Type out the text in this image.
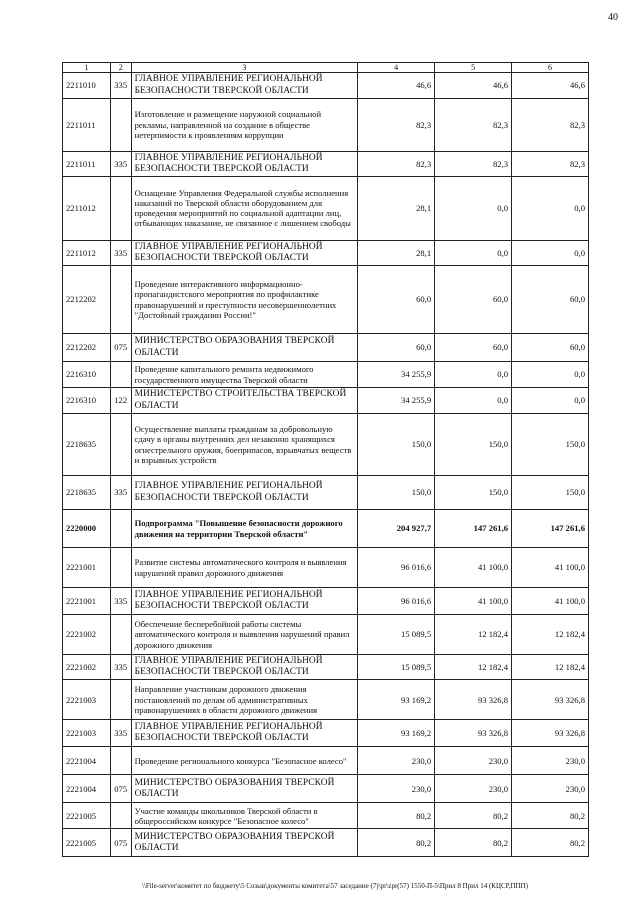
40
1	2	3	4	5	6
2211010	335	ГЛАВНОЕ УПРАВЛЕНИЕ РЕГИОНАЛЬНОЙ БЕЗОПАСНОСТИ ТВЕРСКОЙ ОБЛАСТИ	46,6	46,6	46,6
2211011		Изготовление и размещение наружной социальной рекламы, направленной на создание в обществе нетерпимости к проявлениям коррупции	82,3	82,3	82,3
2211011	335	ГЛАВНОЕ УПРАВЛЕНИЕ РЕГИОНАЛЬНОЙ БЕЗОПАСНОСТИ ТВЕРСКОЙ ОБЛАСТИ	82,3	82,3	82,3
2211012		Оснащение Управления Федеральной службы исполнения наказаний по Тверской области оборудованием для проведения мероприятий по социальной адаптации лиц, отбывающих наказание, не связанное с лишением свободы	28,1	0,0	0,0
2211012	335	ГЛАВНОЕ УПРАВЛЕНИЕ РЕГИОНАЛЬНОЙ БЕЗОПАСНОСТИ ТВЕРСКОЙ ОБЛАСТИ	28,1	0,0	0,0
2212202		Проведение интерактивного информационно-пропагандистского мероприятия по профилактике правонарушений и преступности несовершеннолетних "Достойный гражданин России!"	60,0	60,0	60,0
2212202	075	МИНИСТЕРСТВО ОБРАЗОВАНИЯ ТВЕРСКОЙ ОБЛАСТИ	60,0	60,0	60,0
2216310		Проведение капитального ремонта недвижимого государственного имущества Тверской области	34 255,9	0,0	0,0
2216310	122	МИНИСТЕРСТВО СТРОИТЕЛЬСТВА ТВЕРСКОЙ ОБЛАСТИ	34 255,9	0,0	0,0
2218635		Осуществление выплаты гражданам за добровольную сдачу в органы внутренних дел незаконно хранящихся огнестрельного оружия, боеприпасов, взрывчатых веществ и взрывных устройств	150,0	150,0	150,0
2218635	335	ГЛАВНОЕ УПРАВЛЕНИЕ РЕГИОНАЛЬНОЙ БЕЗОПАСНОСТИ ТВЕРСКОЙ ОБЛАСТИ	150,0	150,0	150,0
2220000		Подпрограмма "Повышение безопасности дорожного движения на территории Тверской области"	204 927,7	147 261,6	147 261,6
2221001		Развитие системы автоматического контроля и выявления нарушений правил дорожного движения	96 016,6	41 100,0	41 100,0
2221001	335	ГЛАВНОЕ УПРАВЛЕНИЕ РЕГИОНАЛЬНОЙ БЕЗОПАСНОСТИ ТВЕРСКОЙ ОБЛАСТИ	96 016,6	41 100,0	41 100,0
2221002		Обеспечение бесперебойной работы системы автоматического контроля и выявления нарушений правил дорожного движения	15 089,5	12 182,4	12 182,4
2221002	335	ГЛАВНОЕ УПРАВЛЕНИЕ РЕГИОНАЛЬНОЙ БЕЗОПАСНОСТИ ТВЕРСКОЙ ОБЛАСТИ	15 089,5	12 182,4	12 182,4
2221003		Направление участникам дорожного движения постановлений по делам об административных правонарушениях в области дорожного движения	93 169,2	93 326,8	93 326,8
2221003	335	ГЛАВНОЕ УПРАВЛЕНИЕ РЕГИОНАЛЬНОЙ БЕЗОПАСНОСТИ ТВЕРСКОЙ ОБЛАСТИ	93 169,2	93 326,8	93 326,8
2221004		Проведение регионального конкурса "Безопасное колесо"	230,0	230,0	230,0
2221004	075	МИНИСТЕРСТВО ОБРАЗОВАНИЯ ТВЕРСКОЙ ОБЛАСТИ	230,0	230,0	230,0
2221005		Участие команды школьников Тверской области в общероссийском конкурсе "Безопасное колесо"	80,2	80,2	80,2
2221005	075	МИНИСТЕРСТВО ОБРАЗОВАНИЯ ТВЕРСКОЙ ОБЛАСТИ	80,2	80,2	80,2
\\File-server\комитет по бюджету\5 Созыв\документы комитета\57 заседание (7)\pr\zpr(57) 1550-П-5\Прил 8 Прил 14 (КЦСР,ППП)
